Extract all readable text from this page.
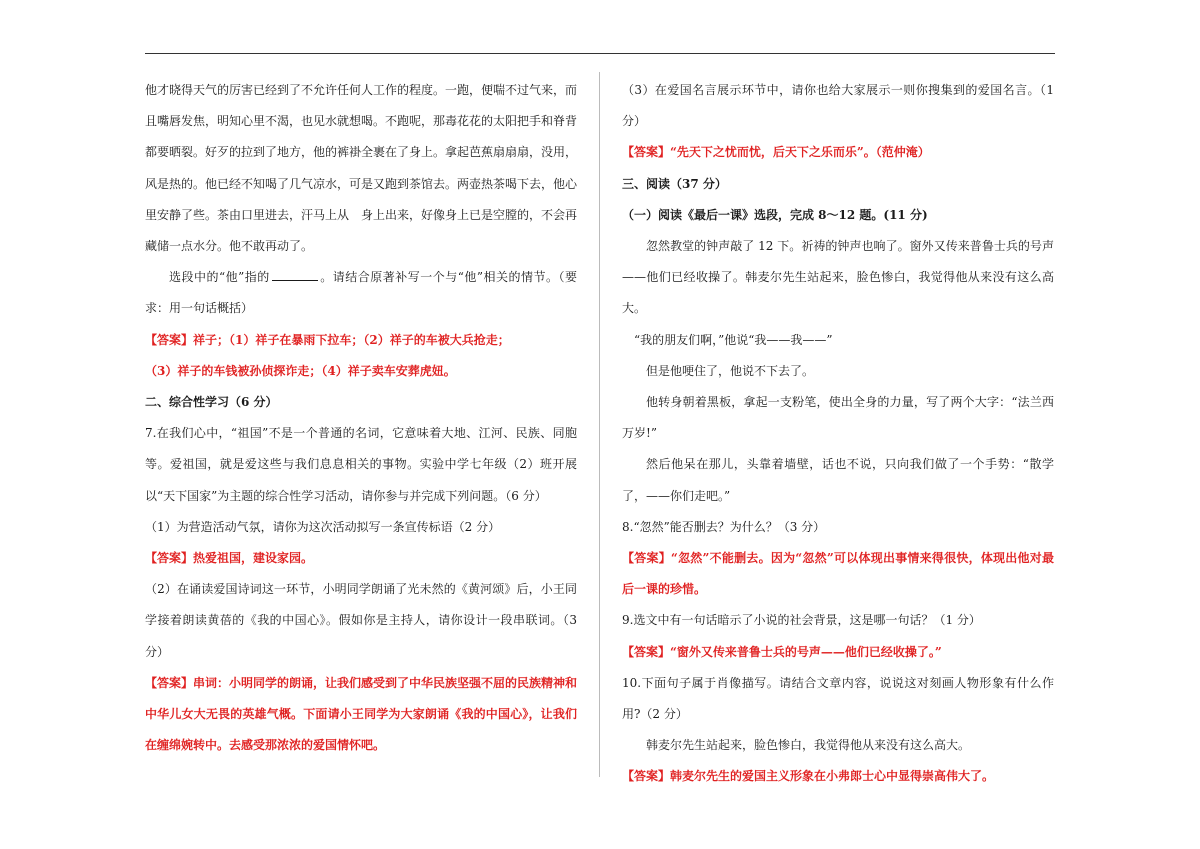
他才晓得天气的厉害已经到了不允许任何人工作的程度。一跑，便喘不过气来，而且嘴唇发焦，明知心里不渴，也见水就想喝。不跑呢，那毒花花的太阳把手和脊背都要晒裂。好歹的拉到了地方，他的裤褂全裹在了身上。拿起芭蕉扇扇扇，没用，风是热的。他已经不知喝了几气凉水，可是又跑到茶馆去。两壶热茶喝下去，他心里安静了些。茶由口里进去，汗马上从　身上出来，好像身上已是空膛的，不会再藏储一点水分。他不敢再动了。

选段中的“他”指的	。请结合原著补写一个与“他”相关的情节。（要求：用一句话概括）

【答案】祥子；（1）祥子在暴雨下拉车；（2）祥子的车被大兵抢走；

（3）祥子的车钱被孙侦探诈走；（4）祥子卖车安葬虎妞。

二、综合性学习（6 分）

7.在我们心中，“祖国”不是一个普通的名词，它意味着大地、江河、民族、同胞等。爱祖国，就是爱这些与我们息息相关的事物。实验中学七年级（2）班开展以“天下国家”为主题的综合性学习活动，请你参与并完成下列问题。（6 分）

（1）为营造活动气氛，请你为这次活动拟写一条宣传标语（2 分）

【答案】热爱祖国，建设家园。

（2）在诵读爱国诗词这一环节，小明同学朗诵了光未然的《黄河颂》后，小王同学接着朗读黄蓓的《我的中国心》。假如你是主持人，请你设计一段串联词。（3 分）

【答案】串词：小明同学的朗诵，让我们感受到了中华民族坚强不屈的民族精神和中华儿女大无畏的英雄气概。下面请小王同学为大家朗诵《我的中国心》，让我们在缠绵婉转中。去感受那浓浓的爱国情怀吧。

（3）在爱国名言展示环节中，请你也给大家展示一则你搜集到的爱国名言。（1 分）

【答案】“先天下之忧而忧，后天下之乐而乐”。（范仲淹）

三、阅读（37 分）

（一）阅读《最后一课》选段，完成 8～12 题。(11 分)

忽然教堂的钟声敲了 12 下。祈祷的钟声也响了。窗外又传来普鲁士兵的号声——他们已经收操了。韩麦尔先生站起来，脸色惨白，我觉得他从来没有这么高大。

“我的朋友们啊，”他说“我——我——”

但是他哽住了，他说不下去了。

他转身朝着黑板，拿起一支粉笔，使出全身的力量，写了两个大字：“法兰西万岁!”

然后他呆在那儿，头靠着墙壁，话也不说，只向我们做了一个手势：“散学了，——你们走吧。”

8.“忽然”能否删去？为什么？（3 分）

【答案】“忽然”不能删去。因为“忽然”可以体现出事情来得很快，体现出他对最后一课的珍惜。

9.选文中有一句话暗示了小说的社会背景，这是哪一句话？（1 分）

【答案】“窗外又传来普鲁士兵的号声——他们已经收操了。”

10.下面句子属于肖像描写。请结合文章内容，说说这对刻画人物形象有什么作用?（2 分）

韩麦尔先生站起来，脸色惨白，我觉得他从来没有这么高大。

【答案】韩麦尔先生的爱国主义形象在小弗郎士心中显得崇高伟大了。
